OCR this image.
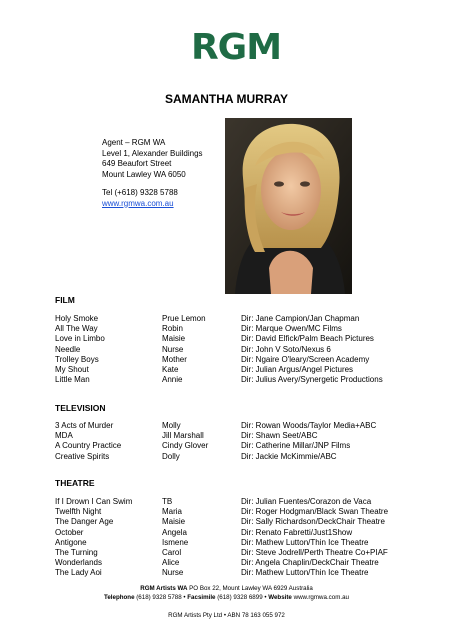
RGM
SAMANTHA MURRAY
Agent – RGM WA
Level 1, Alexander Buildings
649 Beaufort Street
Mount Lawley WA 6050
Tel (+618) 9328 5788
www.rgmwa.com.au
FILM
Holy Smoke	Prue Lemon	Dir: Jane Campion/Jan Chapman
All The Way	Robin	Dir: Marque Owen/MC Films
Love in Limbo	Maisie	Dir: David Elfick/Palm Beach Pictures
Needle	Nurse	Dir: John V Soto/Nexus 6
Trolley Boys	Mother	Dir: Ngaire O'leary/Screen Academy
My Shout	Kate	Dir: Julian Argus/Angel Pictures
Little Man	Annie	Dir: Julius Avery/Synergetic Productions
TELEVISION
3 Acts of Murder	Molly	Dir: Rowan Woods/Taylor Media+ABC
MDA	Jill Marshall	Dir: Shawn Seet/ABC
A Country Practice	Cindy Glover	Dir: Catherine Millar/JNP Films
Creative Spirits	Dolly	Dir: Jackie McKimmie/ABC
THEATRE
If I Drown I Can Swim	TB	Dir: Julian Fuentes/Corazon de Vaca
Twelfth Night	Maria	Dir: Roger Hodgman/Black Swan Theatre
The Danger Age	Maisie	Dir: Sally Richardson/DeckChair Theatre
October	Angela	Dir: Renato Fabretti/Just1Show
Antigone	Ismene	Dir: Mathew Lutton/Thin Ice Theatre
The Turning	Carol	Dir: Steve Jodrell/Perth Theatre Co+PIAF
Wonderlands	Alice	Dir: Angela Chaplin/DeckChair Theatre
The Lady Aoi	Nurse	Dir: Mathew Lutton/Thin Ice Theatre
RGM Artists WA PO Box 22, Mount Lawley WA 6929 Australia
Telephone (618) 9328 5788 • Facsimile (618) 9328 6899 • Website www.rgmwa.com.au
RGM Artists Pty Ltd • ABN 78 163 055 972
